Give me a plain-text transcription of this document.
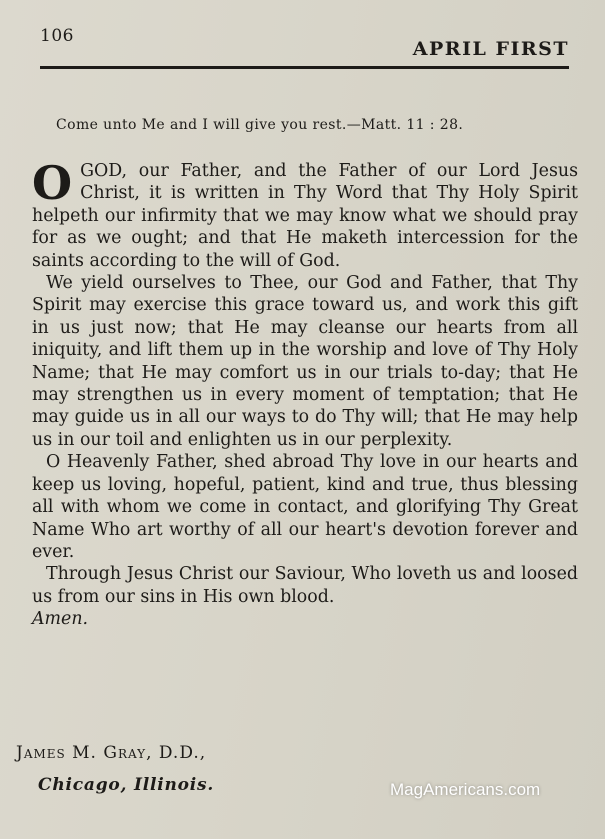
106
APRIL FIRST
Come unto Me and I will give you rest.—Matt. 11 : 28.

OGOD, our Father, and the Father of our Lord Jesus Christ, it is written in Thy Word that Thy Holy Spirit helpeth our infirmity that we may know what we should pray for as we ought; and that He maketh intercession for the saints according to the will of God.

We yield ourselves to Thee, our God and Father, that Thy Spirit may exercise this grace toward us, and work this gift in us just now; that He may cleanse our hearts from all iniquity, and lift them up in the worship and love of Thy Holy Name; that He may comfort us in our trials to-day; that He may strengthen us in every moment of temptation; that He may guide us in all our ways to do Thy will; that He may help us in our toil and enlighten us in our perplexity.

O Heavenly Father, shed abroad Thy love in our hearts and keep us loving, hopeful, patient, kind and true, thus blessing all with whom we come in contact, and glorifying Thy Great Name Who art worthy of all our heart's devotion forever and ever.

Through Jesus Christ our Saviour, Who loveth us and loosed us from our sins in His own blood.

Amen.

James M. Gray, D.D.,
Chicago, Illinois.	MagAmericans.com
